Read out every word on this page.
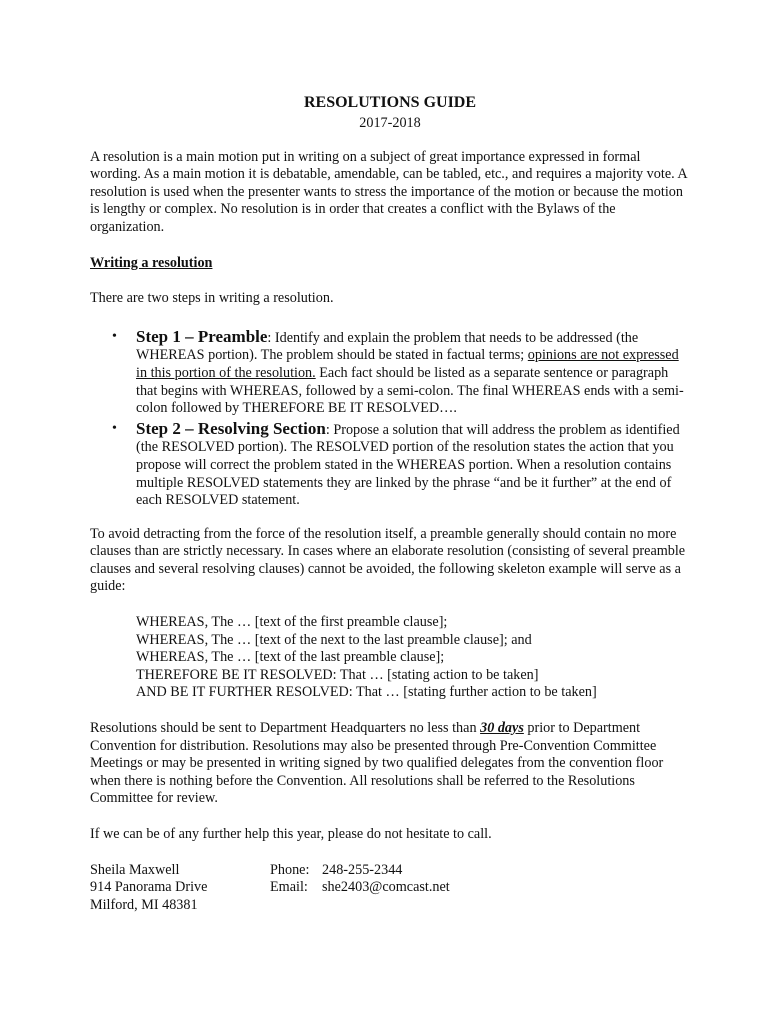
RESOLUTIONS GUIDE

2017-2018

A resolution is a main motion put in writing on a subject of great importance expressed in formal wording. As a main motion it is debatable, amendable, can be tabled, etc., and requires a majority vote. A resolution is used when the presenter wants to stress the importance of the motion or because the motion is lengthy or complex. No resolution is in order that creates a conflict with the Bylaws of the organization.

Writing a resolution

There are two steps in writing a resolution.

• Step 1 – Preamble: Identify and explain the problem that needs to be addressed (the WHEREAS portion). The problem should be stated in factual terms; opinions are not expressed in this portion of the resolution. Each fact should be listed as a separate sentence or paragraph that begins with WHEREAS, followed by a semi-colon. The final WHEREAS ends with a semi-colon followed by THEREFORE BE IT RESOLVED….
• Step 2 – Resolving Section: Propose a solution that will address the problem as identified (the RESOLVED portion). The RESOLVED portion of the resolution states the action that you propose will correct the problem stated in the WHEREAS portion. When a resolution contains multiple RESOLVED statements they are linked by the phrase “and be it further” at the end of each RESOLVED statement.

To avoid detracting from the force of the resolution itself, a preamble generally should contain no more clauses than are strictly necessary. In cases where an elaborate resolution (consisting of several preamble clauses and several resolving clauses) cannot be avoided, the following skeleton example will serve as a guide:

WHEREAS, The … [text of the first preamble clause];
WHEREAS, The … [text of the next to the last preamble clause]; and
WHEREAS, The … [text of the last preamble clause];
THEREFORE BE IT RESOLVED: That … [stating action to be taken]
AND BE IT FURTHER RESOLVED: That … [stating further action to be taken]

Resolutions should be sent to Department Headquarters no less than 30 days prior to Department Convention for distribution. Resolutions may also be presented through Pre-Convention Committee Meetings or may be presented in writing signed by two qualified delegates from the convention floor when there is nothing before the Convention. All resolutions shall be referred to the Resolutions Committee for review.

If we can be of any further help this year, please do not hesitate to call.

Sheila Maxwell
914 Panorama Drive
Milford, MI 48381
Phone: 248-255-2344
Email: she2403@comcast.net
